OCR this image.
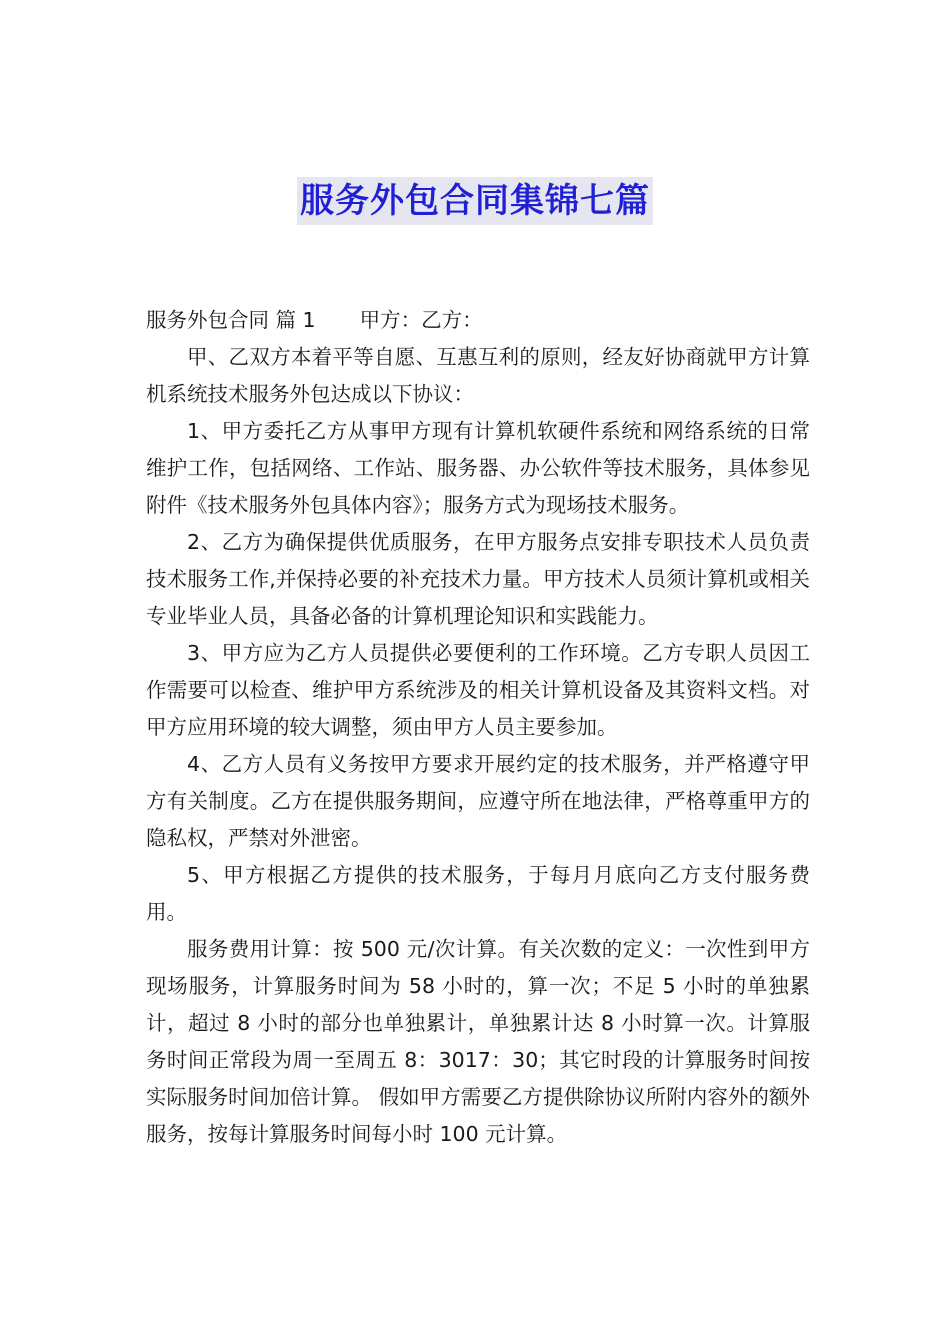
服务外包合同集锦七篇

服务外包合同 篇 1 甲方：乙方：

甲、乙双方本着平等自愿、互惠互利的原则，经友好协商就甲方计算机系统技术服务外包达成以下协议：

1、甲方委托乙方从事甲方现有计算机软硬件系统和网络系统的日常维护工作，包括网络、工作站、服务器、办公软件等技术服务，具体参见附件《技术服务外包具体内容》；服务方式为现场技术服务。

2、乙方为确保提供优质服务，在甲方服务点安排专职技术人员负责技术服务工作,并保持必要的补充技术力量。甲方技术人员须计算机或相关专业毕业人员，具备必备的计算机理论知识和实践能力。

3、甲方应为乙方人员提供必要便利的工作环境。乙方专职人员因工作需要可以检查、维护甲方系统涉及的相关计算机设备及其资料文档。对甲方应用环境的较大调整，须由甲方人员主要参加。

4、乙方人员有义务按甲方要求开展约定的技术服务，并严格遵守甲方有关制度。乙方在提供服务期间，应遵守所在地法律，严格尊重甲方的隐私权，严禁对外泄密。

5、甲方根据乙方提供的技术服务，于每月月底向乙方支付服务费用。

服务费用计算：按 500 元/次计算。有关次数的定义：一次性到甲方现场服务，计算服务时间为 58 小时的，算一次；不足 5 小时的单独累计，超过 8 小时的部分也单独累计，单独累计达 8 小时算一次。计算服务时间正常段为周一至周五 8：3017：30；其它时段的计算服务时间按实际服务时间加倍计算。 假如甲方需要乙方提供除协议所附内容外的额外服务，按每计算服务时间每小时 100 元计算。
